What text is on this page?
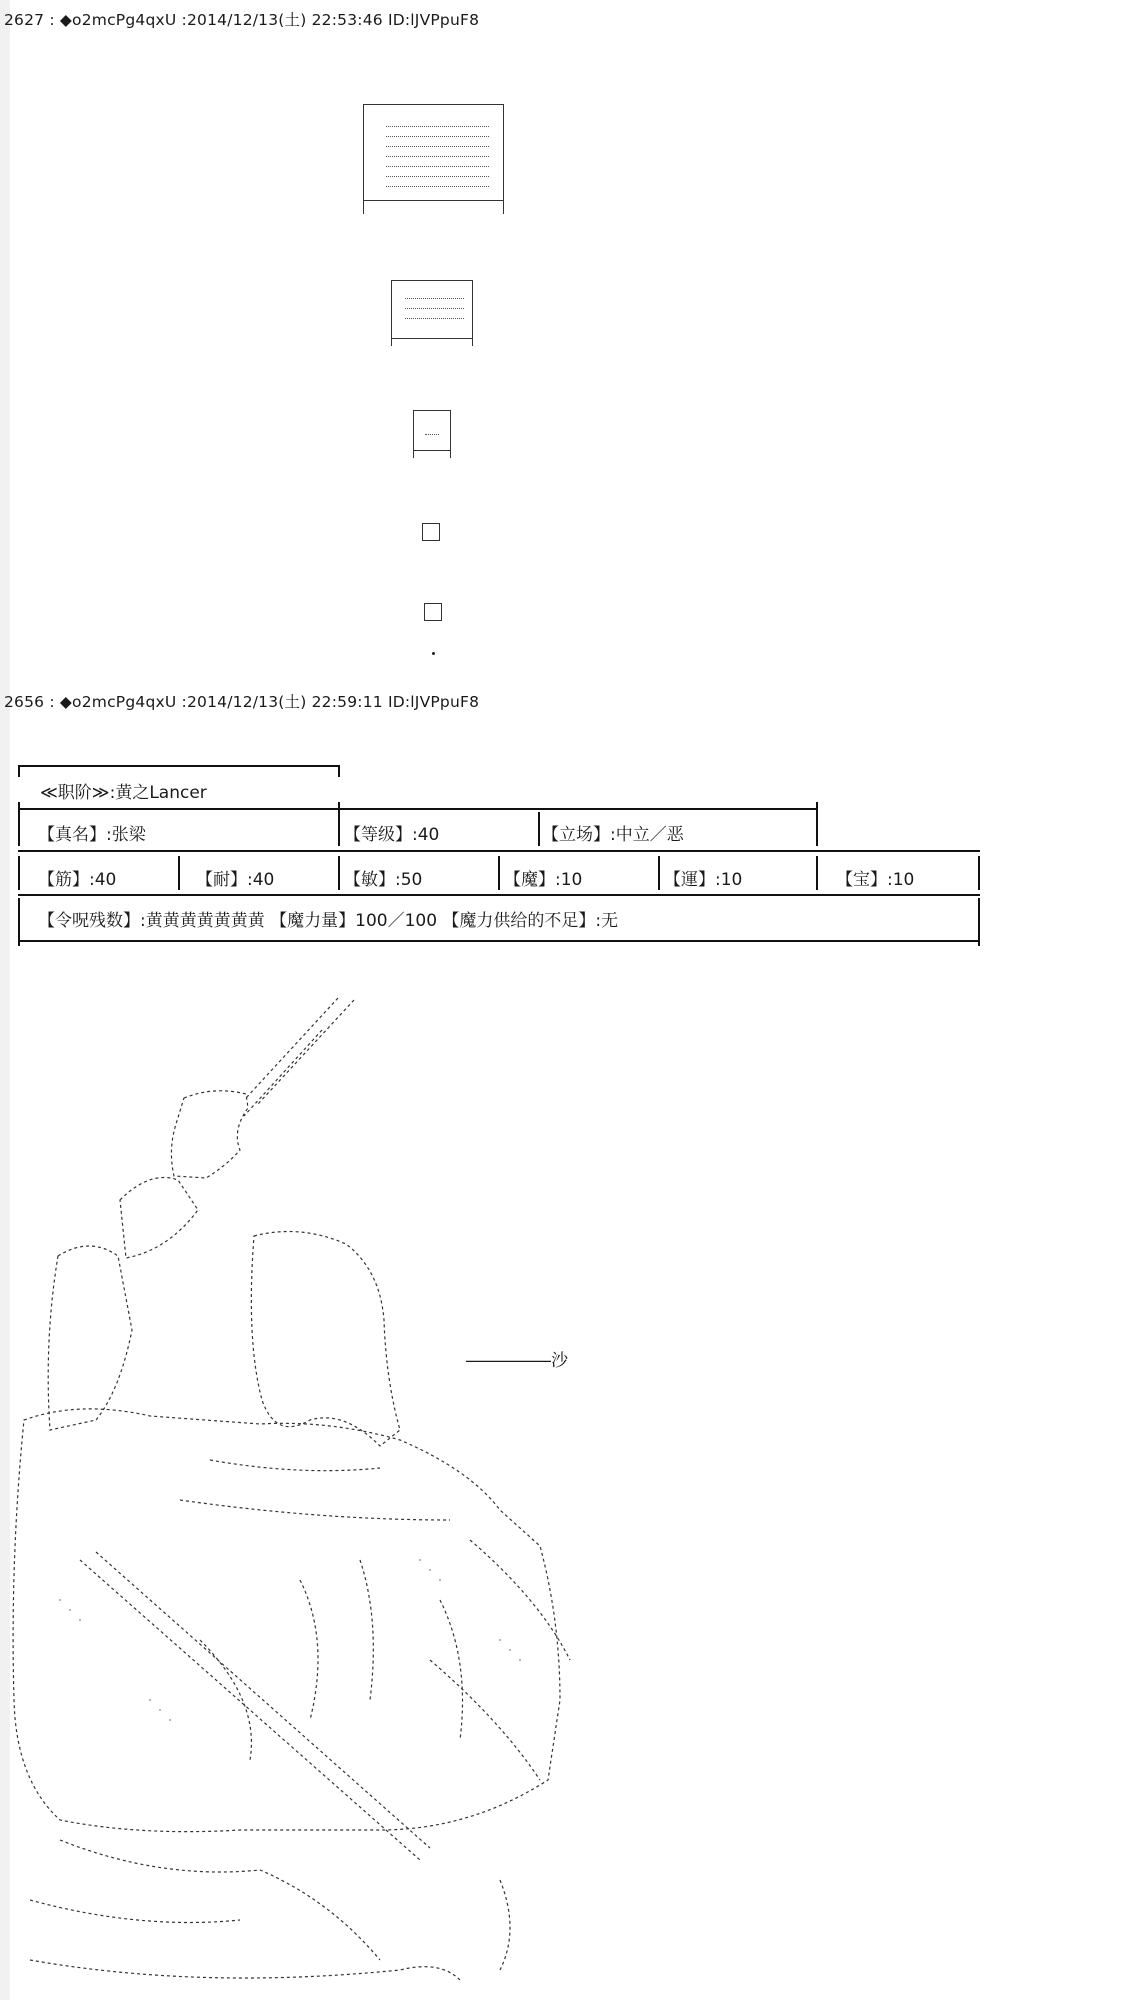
2627 : ◆o2mcPg4qxU :2014/12/13(土) 22:53:46 ID:lJVPpuF8
2656 : ◆o2mcPg4qxU :2014/12/13(土) 22:59:11 ID:lJVPpuF8
≪职阶≫:黄之Lancer
【真名】:张梁	【等级】:40	【立场】:中立／恶
【筋】:40	【耐】:40	【敏】:50	【魔】:10	【運】:10	【宝】:10
【令呪残数】:黄黄黄黄黄黄黄 【魔力量】100／100 【魔力供给的不足】:无
―――――沙
